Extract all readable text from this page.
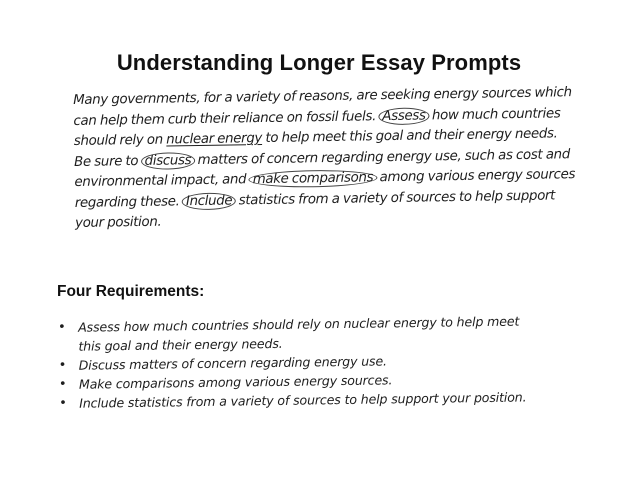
Understanding Longer Essay Prompts
Many governments, for a variety of reasons, are seeking energy sources which
can help them curb their reliance on fossil fuels. Assess how much countries
should rely on nuclear energy to help meet this goal and their energy needs.
Be sure to discuss matters of concern regarding energy use, such as cost and
environmental impact, and make comparisons among various energy sources
regarding these. Include statistics from a variety of sources to help support
your position.
Four Requirements:
• Assess how much countries should rely on nuclear energy to help meet
this goal and their energy needs.
• Discuss matters of concern regarding energy use.
• Make comparisons among various energy sources.
• Include statistics from a variety of sources to help support your position.
